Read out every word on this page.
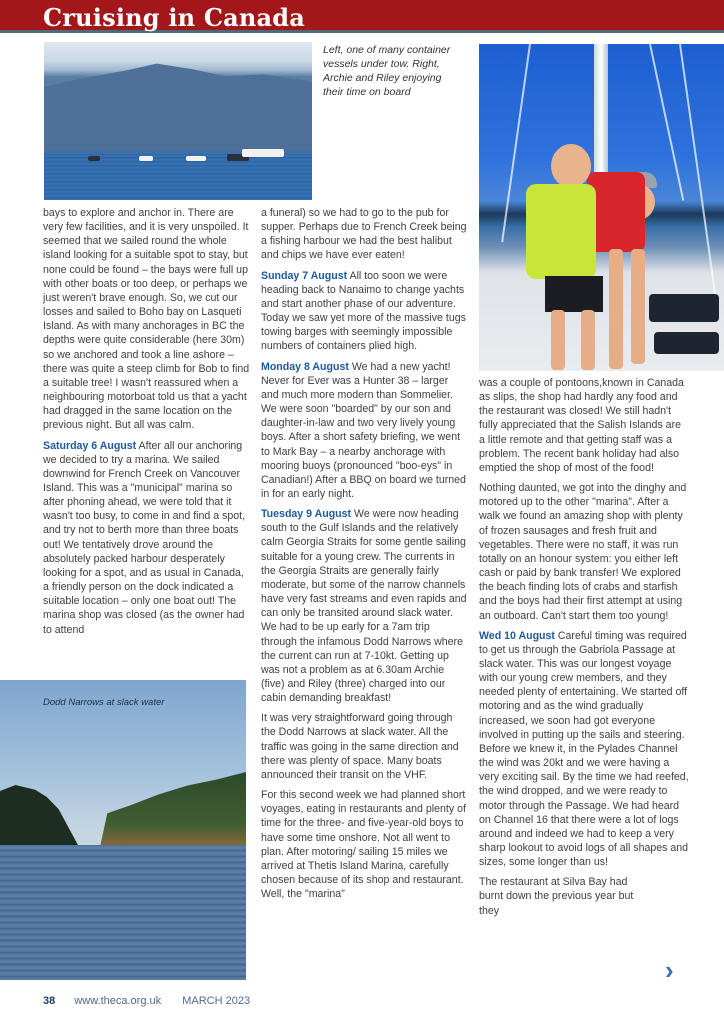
Cruising in Canada
Left, one of many container vessels under tow. Right, Archie and Riley enjoying their time on board
Dodd Narrows at slack water

bays to explore and anchor in. There are very few facilities, and it is very unspoiled. It seemed that we sailed round the whole island looking for a suitable spot to stay, but none could be found – the bays were full up with other boats or too deep, or perhaps we just weren't brave enough. So, we cut our losses and sailed to Boho bay on Lasqueti Island. As with many anchorages in BC the depths were quite considerable (here 30m) so we anchored and took a line ashore – there was quite a steep climb for Bob to find a suitable tree! I wasn't reassured when a neighbouring motorboat told us that a yacht had dragged in the same location on the previous night. But all was calm.

Saturday 6 August After all our anchoring we decided to try a marina. We sailed downwind for French Creek on Vancouver Island. This was a "municipal" marina so after phoning ahead, we were told that it wasn't too busy, to come in and find a spot, and try not to berth more than three boats out! We tentatively drove around the absolutely packed harbour desperately looking for a spot, and as usual in Canada, a friendly person on the dock indicated a suitable location – only one boat out! The marina shop was closed (as the owner had to attend

a funeral) so we had to go to the pub for supper. Perhaps due to French Creek being a fishing harbour we had the best halibut and chips we have ever eaten!

Sunday 7 August All too soon we were heading back to Nanaimo to change yachts and start another phase of our adventure. Today we saw yet more of the massive tugs towing barges with seemingly impossible numbers of containers plied high.

Monday 8 August We had a new yacht! Never for Ever was a Hunter 38 – larger and much more modern than Sommelier. We were soon "boarded" by our son and daughter-in-law and two very lively young boys. After a short safety briefing, we went to Mark Bay – a nearby anchorage with mooring buoys (pronounced "boo-eys" in Canadian!) After a BBQ on board we turned in for an early night.

Tuesday 9 August We were now heading south to the Gulf Islands and the relatively calm Georgia Straits for some gentle sailing suitable for a young crew. The currents in the Georgia Straits are generally fairly moderate, but some of the narrow channels have very fast streams and even rapids and can only be transited around slack water. We had to be up early for a 7am trip through the infamous Dodd Narrows where the current can run at 7-10kt. Getting up was not a problem as at 6.30am Archie (five) and Riley (three) charged into our cabin demanding breakfast!

It was very straightforward going through the Dodd Narrows at slack water. All the traffic was going in the same direction and there was plenty of space. Many boats announced their transit on the VHF.

For this second week we had planned short voyages, eating in restaurants and plenty of time for the three- and five-year-old boys to have some time onshore. Not all went to plan. After motoring/ sailing 15 miles we arrived at Thetis Island Marina, carefully chosen because of its shop and restaurant. Well, the "marina"

was a couple of pontoons,known in Canada as slips, the shop had hardly any food and the restaurant was closed! We still hadn't fully appreciated that the Salish Islands are a little remote and that getting staff was a problem. The recent bank holiday had also emptied the shop of most of the food!

Nothing daunted, we got into the dinghy and motored up to the other "marina". After a walk we found an amazing shop with plenty of frozen sausages and fresh fruit and vegetables. There were no staff, it was run totally on an honour system: you either left cash or paid by bank transfer! We explored the beach finding lots of crabs and starfish and the boys had their first attempt at using an outboard. Can't start them too young!

Wed 10 August Careful timing was required to get us through the Gabriola Passage at slack water. This was our longest voyage with our young crew members, and they needed plenty of entertaining. We started off motoring and as the wind gradually increased, we soon had got everyone involved in putting up the sails and steering. Before we knew it, in the Pylades Channel the wind was 20kt and we were having a very exciting sail. By the time we had reefed, the wind dropped, and we were ready to motor through the Passage. We had heard on Channel 16 that there were a lot of logs around and indeed we had to keep a very sharp lookout to avoid logs of all shapes and sizes, some longer than us!

The restaurant at Silva Bay had burnt down the previous year but they

›
38 www.theca.org.uk MARCH 2023
